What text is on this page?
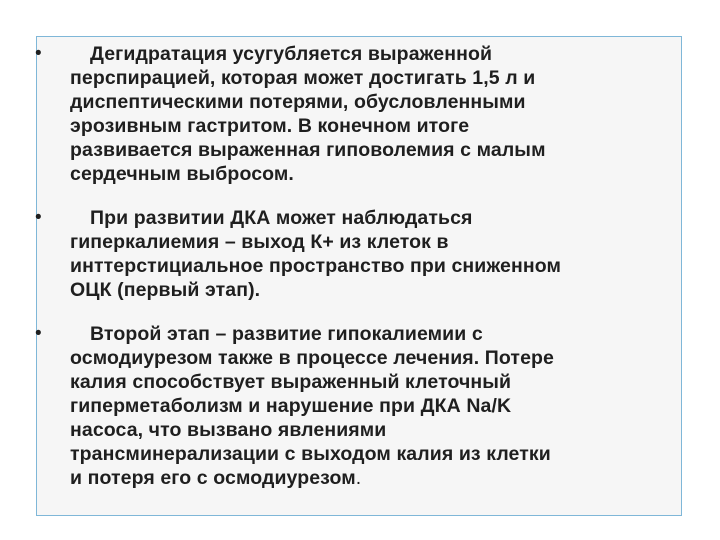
•	Дегидратация усугубляется выраженной
перспирацией, которая может достигать 1,5 л и
диспептическими потерями, обусловленными
эрозивным гастритом. В конечном итоге
развивается выраженная гиповолемия с малым
сердечным выбросом.
•	При развитии ДКА может наблюдаться
гиперкалиемия – выход К+ из клеток в
инттерстициальное пространство при сниженном
ОЦК (первый этап).
•	Второй этап – развитие гипокалиемии с
осмодиурезом также в процессе лечения. Потере
калия способствует выраженный клеточный
гиперметаболизм и нарушение при ДКА Na/K
насоса, что вызвано явлениями
трансминерализации с выходом калия из клетки
и потеря его с осмодиурезом.
